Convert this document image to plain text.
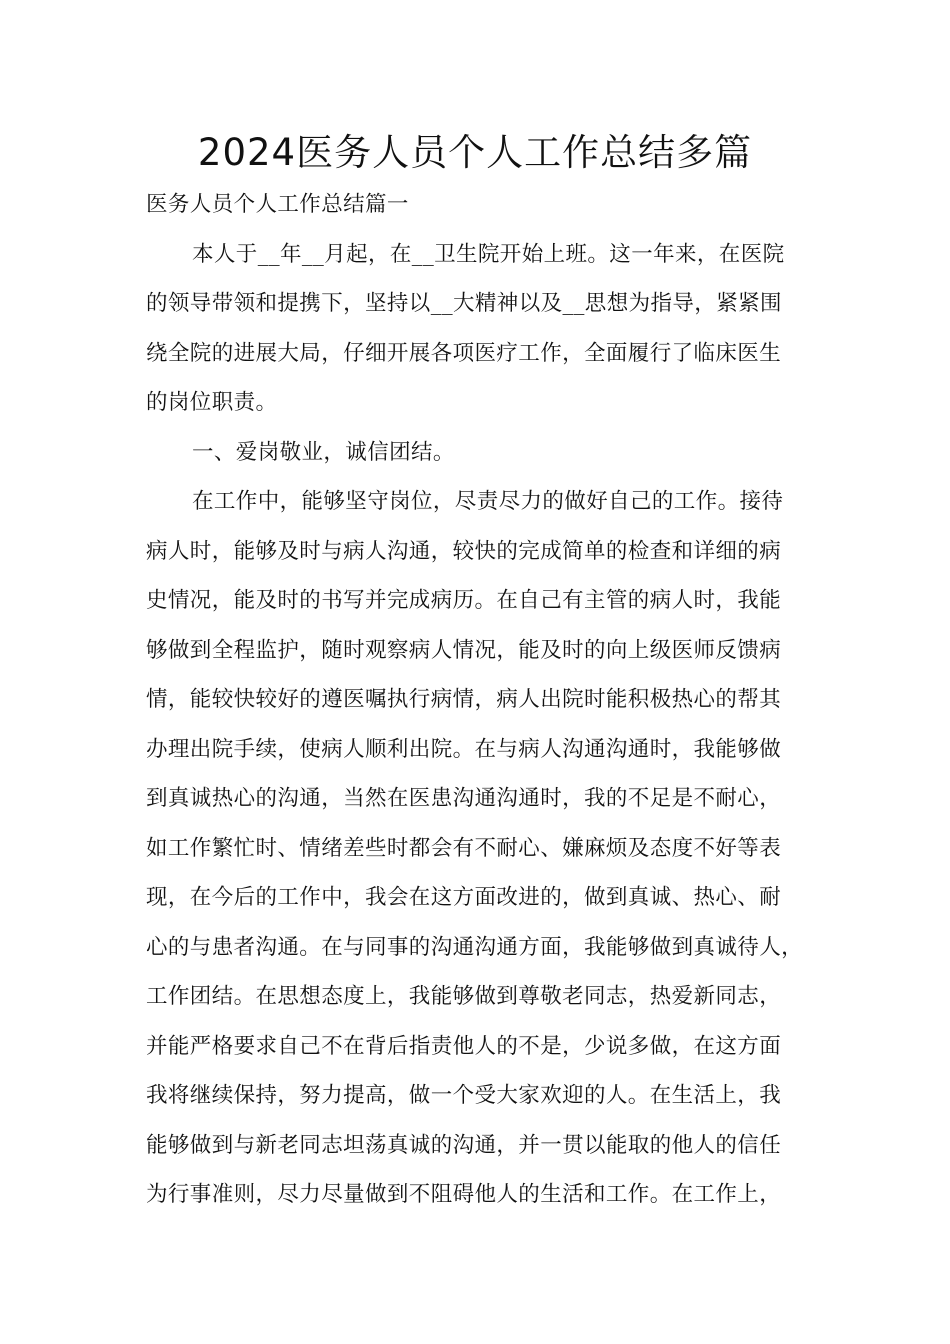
2024医务人员个人工作总结多篇
医务人员个人工作总结篇一
本人于__年__月起，在__卫生院开始上班。这一年来，在医院
的领导带领和提携下，坚持以__大精神以及__思想为指导，紧紧围
绕全院的进展大局，仔细开展各项医疗工作，全面履行了临床医生
的岗位职责。
一、爱岗敬业，诚信团结。
在工作中，能够坚守岗位，尽责尽力的做好自己的工作。接待
病人时，能够及时与病人沟通，较快的完成简单的检查和详细的病
史情况，能及时的书写并完成病历。在自己有主管的病人时，我能
够做到全程监护，随时观察病人情况，能及时的向上级医师反馈病
情，能较快较好的遵医嘱执行病情，病人出院时能积极热心的帮其
办理出院手续，使病人顺利出院。在与病人沟通沟通时，我能够做
到真诚热心的沟通，当然在医患沟通沟通时，我的不足是不耐心，
如工作繁忙时、情绪差些时都会有不耐心、嫌麻烦及态度不好等表
现，在今后的工作中，我会在这方面改进的，做到真诚、热心、耐
心的与患者沟通。在与同事的沟通沟通方面，我能够做到真诚待人，
工作团结。在思想态度上，我能够做到尊敬老同志，热爱新同志，
并能严格要求自己不在背后指责他人的不是，少说多做，在这方面
我将继续保持，努力提高，做一个受大家欢迎的人。在生活上，我
能够做到与新老同志坦荡真诚的沟通，并一贯以能取的他人的信任
为行事准则，尽力尽量做到不阻碍他人的生活和工作。在工作上，
